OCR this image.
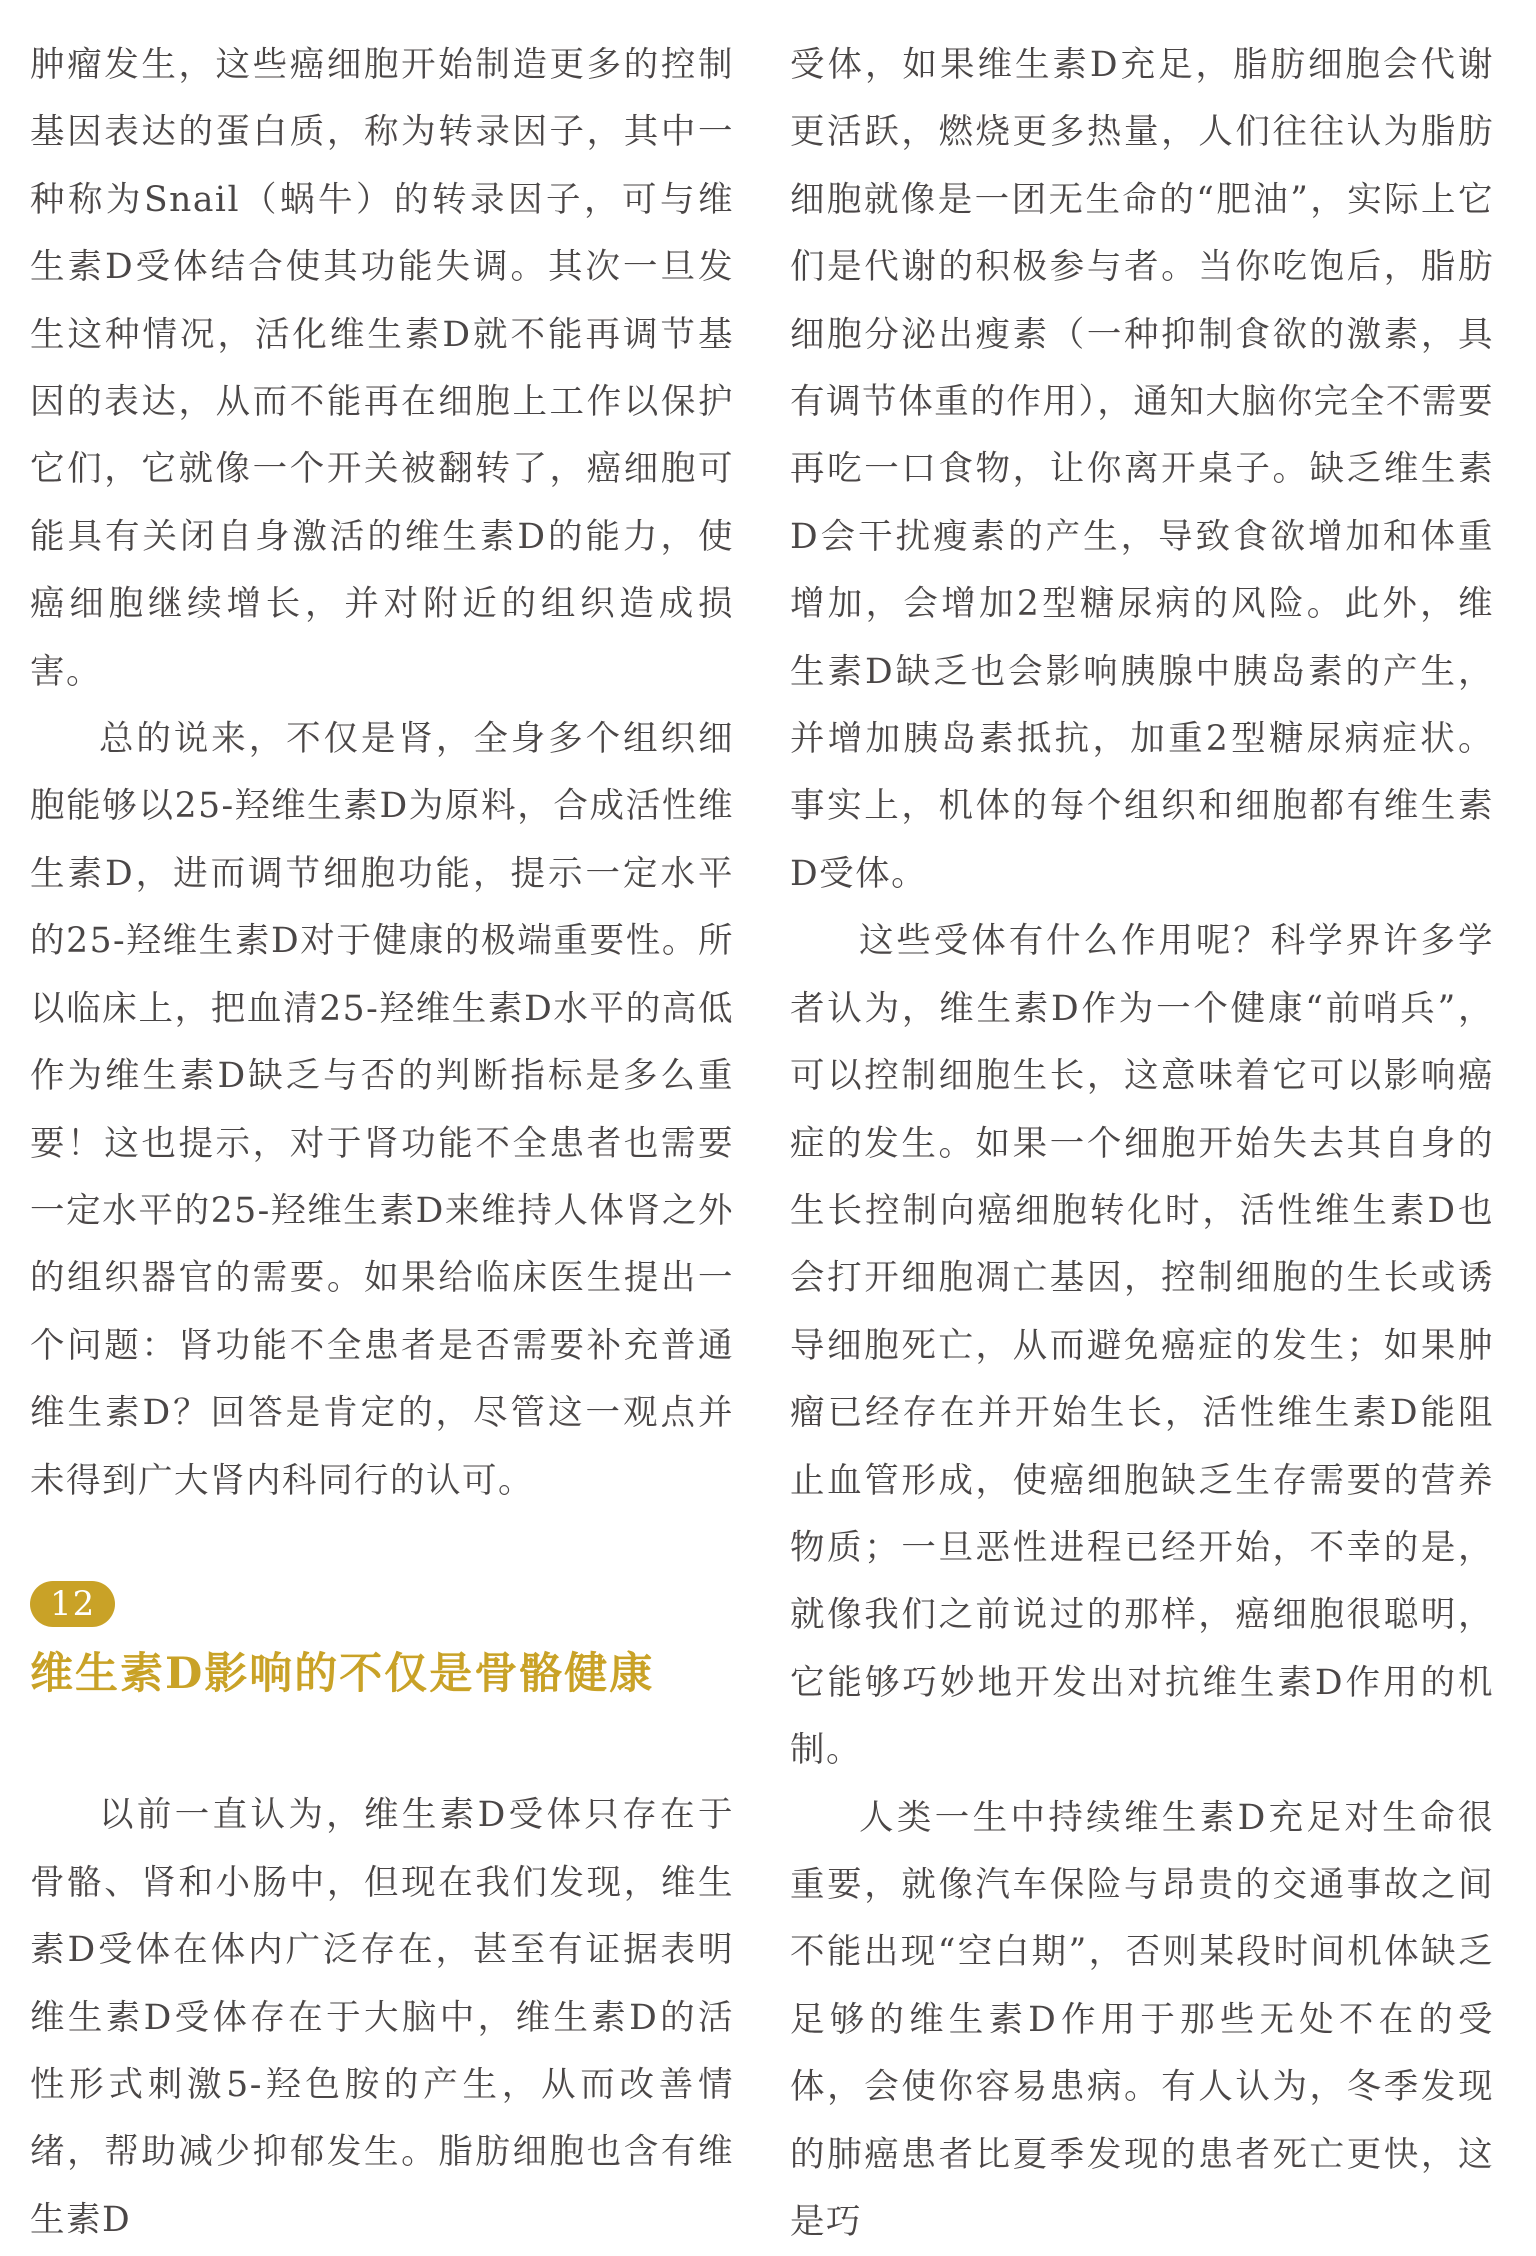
肿瘤发生，这些癌细胞开始制造更多的控制基因表达的蛋白质，称为转录因子，其中一种称为Snail（蜗牛）的转录因子，可与维生素D受体结合使其功能失调。其次一旦发生这种情况，活化维生素D就不能再调节基因的表达，从而不能再在细胞上工作以保护它们，它就像一个开关被翻转了，癌细胞可能具有关闭自身激活的维生素D的能力，使癌细胞继续增长，并对附近的组织造成损害。

总的说来，不仅是肾，全身多个组织细胞能够以25-羟维生素D为原料，合成活性维生素D，进而调节细胞功能，提示一定水平的25-羟维生素D对于健康的极端重要性。所以临床上，把血清25-羟维生素D水平的高低作为维生素D缺乏与否的判断指标是多么重要！这也提示，对于肾功能不全患者也需要一定水平的25-羟维生素D来维持人体肾之外的组织器官的需要。如果给临床医生提出一个问题：肾功能不全患者是否需要补充普通维生素D？回答是肯定的，尽管这一观点并未得到广大肾内科同行的认可。

12
维生素D影响的不仅是骨骼健康

以前一直认为，维生素D受体只存在于骨骼、肾和小肠中，但现在我们发现，维生素D受体在体内广泛存在，甚至有证据表明维生素D受体存在于大脑中，维生素D的活性形式刺激5-羟色胺的产生，从而改善情绪，帮助减少抑郁发生。脂肪细胞也含有维生素D

受体，如果维生素D充足，脂肪细胞会代谢更活跃，燃烧更多热量，人们往往认为脂肪细胞就像是一团无生命的“肥油”，实际上它们是代谢的积极参与者。当你吃饱后，脂肪细胞分泌出瘦素（一种抑制食欲的激素，具有调节体重的作用），通知大脑你完全不需要再吃一口食物，让你离开桌子。缺乏维生素D会干扰瘦素的产生，导致食欲增加和体重增加，会增加2型糖尿病的风险。此外，维生素D缺乏也会影响胰腺中胰岛素的产生，并增加胰岛素抵抗，加重2型糖尿病症状。事实上，机体的每个组织和细胞都有维生素D受体。

这些受体有什么作用呢？科学界许多学者认为，维生素D作为一个健康“前哨兵”，可以控制细胞生长，这意味着它可以影响癌症的发生。如果一个细胞开始失去其自身的生长控制向癌细胞转化时，活性维生素D也会打开细胞凋亡基因，控制细胞的生长或诱导细胞死亡，从而避免癌症的发生；如果肿瘤已经存在并开始生长，活性维生素D能阻止血管形成，使癌细胞缺乏生存需要的营养物质；一旦恶性进程已经开始，不幸的是，就像我们之前说过的那样，癌细胞很聪明，它能够巧妙地开发出对抗维生素D作用的机制。

人类一生中持续维生素D充足对生命很重要，就像汽车保险与昂贵的交通事故之间不能出现“空白期”，否则某段时间机体缺乏足够的维生素D作用于那些无处不在的受体，会使你容易患病。有人认为，冬季发现的肺癌患者比夏季发现的患者死亡更快，这是巧
